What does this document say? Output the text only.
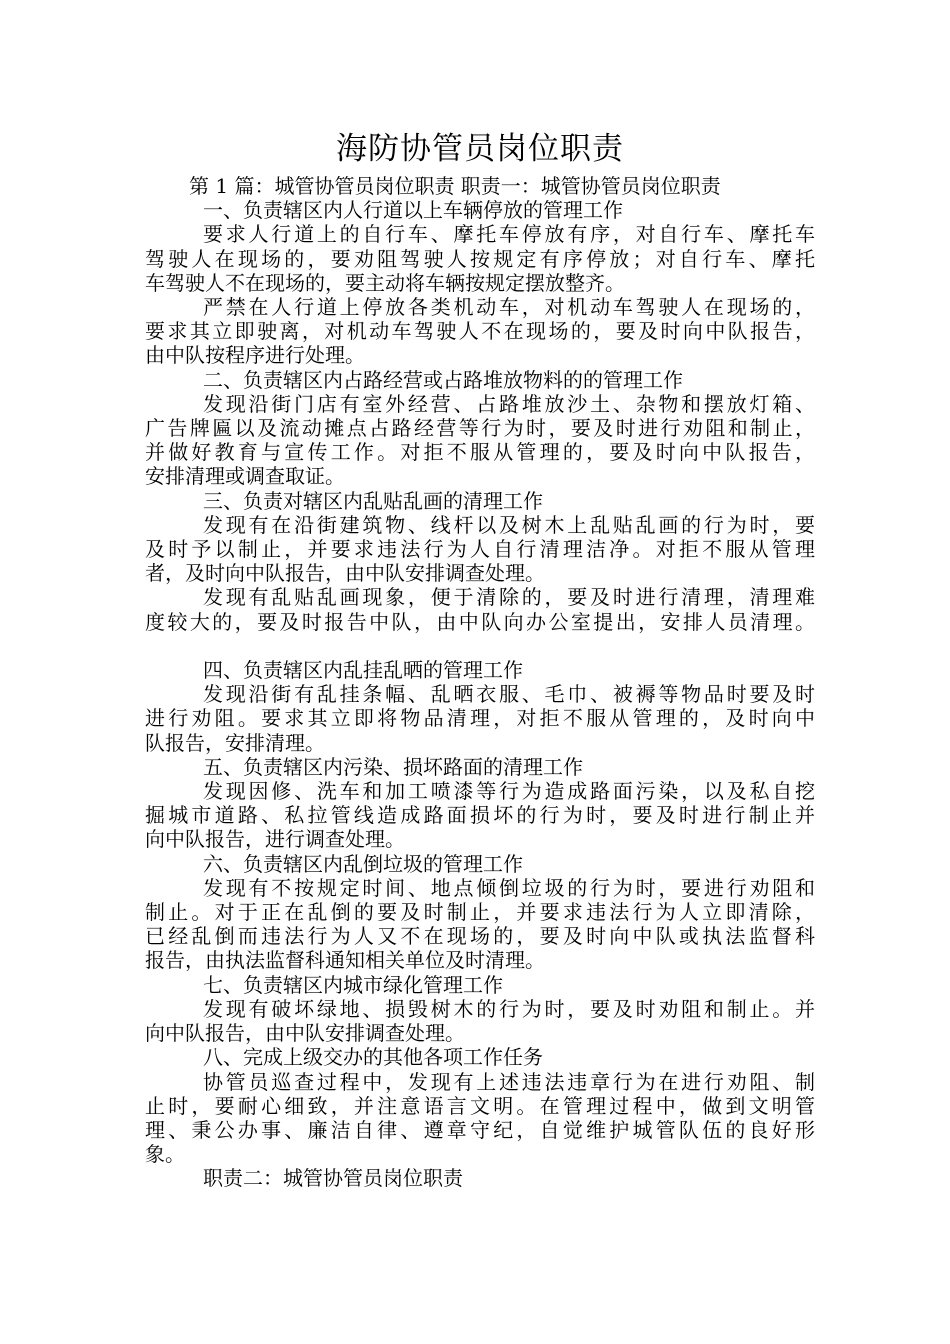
海防协管员岗位职责
第 1 篇：城管协管员岗位职责 职责一：城管协管员岗位职责
一、负责辖区内人行道以上车辆停放的管理工作
要求人行道上的自行车、摩托车停放有序，对自行车、摩托车
驾驶人在现场的，要劝阻驾驶人按规定有序停放；对自行车、摩托
车驾驶人不在现场的，要主动将车辆按规定摆放整齐。
严禁在人行道上停放各类机动车，对机动车驾驶人在现场的，
要求其立即驶离，对机动车驾驶人不在现场的，要及时向中队报告，
由中队按程序进行处理。
二、负责辖区内占路经营或占路堆放物料的的管理工作
发现沿街门店有室外经营、占路堆放沙土、杂物和摆放灯箱、
广告牌匾以及流动摊点占路经营等行为时，要及时进行劝阻和制止，
并做好教育与宣传工作。对拒不服从管理的，要及时向中队报告，
安排清理或调查取证。
三、负责对辖区内乱贴乱画的清理工作
发现有在沿街建筑物、线杆以及树木上乱贴乱画的行为时，要
及时予以制止，并要求违法行为人自行清理洁净。对拒不服从管理
者，及时向中队报告，由中队安排调查处理。
发现有乱贴乱画现象，便于清除的，要及时进行清理，清理难
度较大的，要及时报告中队，由中队向办公室提出，安排人员清理。
四、负责辖区内乱挂乱晒的管理工作
发现沿街有乱挂条幅、乱晒衣服、毛巾、被褥等物品时要及时
进行劝阻。要求其立即将物品清理，对拒不服从管理的，及时向中
队报告，安排清理。
五、负责辖区内污染、损坏路面的清理工作
发现因修、洗车和加工喷漆等行为造成路面污染，以及私自挖
掘城市道路、私拉管线造成路面损坏的行为时，要及时进行制止并
向中队报告，进行调查处理。
六、负责辖区内乱倒垃圾的管理工作
发现有不按规定时间、地点倾倒垃圾的行为时，要进行劝阻和
制止。对于正在乱倒的要及时制止，并要求违法行为人立即清除，
已经乱倒而违法行为人又不在现场的，要及时向中队或执法监督科
报告，由执法监督科通知相关单位及时清理。
七、负责辖区内城市绿化管理工作
发现有破坏绿地、损毁树木的行为时，要及时劝阻和制止。并
向中队报告，由中队安排调查处理。
八、完成上级交办的其他各项工作任务
协管员巡查过程中，发现有上述违法违章行为在进行劝阻、制
止时，要耐心细致，并注意语言文明。在管理过程中，做到文明管
理、秉公办事、廉洁自律、遵章守纪，自觉维护城管队伍的良好形
象。
职责二：城管协管员岗位职责
